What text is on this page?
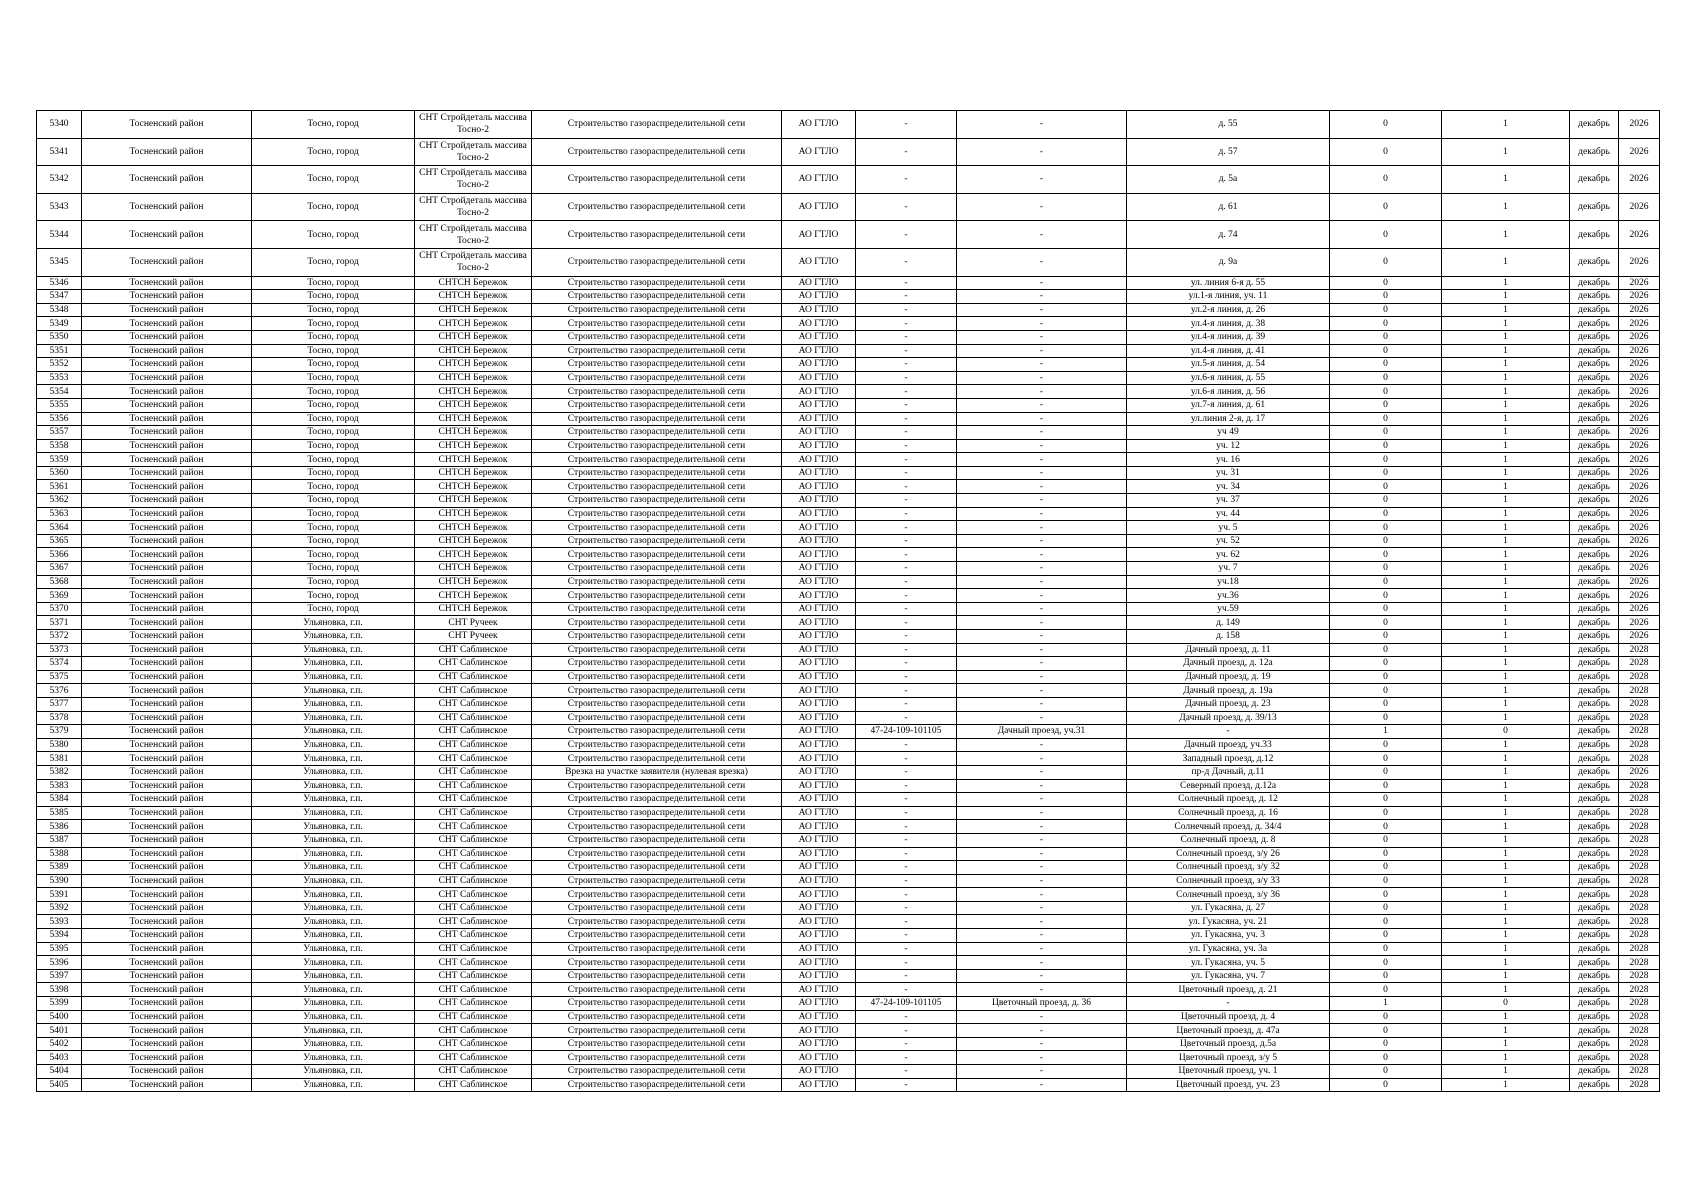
5340	Тосненский район	Тосно, город	СНТ Стройдеталь массива Тосно-2	Строительство газораспределительной сети	АО ГТЛО	-	-	д. 55	0	1	декабрь	2026
5341	Тосненский район	Тосно, город	СНТ Стройдеталь массива Тосно-2	Строительство газораспределительной сети	АО ГТЛО	-	-	д. 57	0	1	декабрь	2026
5342	Тосненский район	Тосно, город	СНТ Стройдеталь массива Тосно-2	Строительство газораспределительной сети	АО ГТЛО	-	-	д. 5а	0	1	декабрь	2026
5343	Тосненский район	Тосно, город	СНТ Стройдеталь массива Тосно-2	Строительство газораспределительной сети	АО ГТЛО	-	-	д. 61	0	1	декабрь	2026
5344	Тосненский район	Тосно, город	СНТ Стройдеталь массива Тосно-2	Строительство газораспределительной сети	АО ГТЛО	-	-	д. 74	0	1	декабрь	2026
5345	Тосненский район	Тосно, город	СНТ Стройдеталь массива Тосно-2	Строительство газораспределительной сети	АО ГТЛО	-	-	д. 9а	0	1	декабрь	2026
5346	Тосненский район	Тосно, город	СНТСН Бережок	Строительство газораспределительной сети	АО ГТЛО	-	-	ул. линия 6-я д. 55	0	1	декабрь	2026
5347	Тосненский район	Тосно, город	СНТСН Бережок	Строительство газораспределительной сети	АО ГТЛО	-	-	ул.1-я линия, уч. 11	0	1	декабрь	2026
5348	Тосненский район	Тосно, город	СНТСН Бережок	Строительство газораспределительной сети	АО ГТЛО	-	-	ул.2-я линия, д. 26	0	1	декабрь	2026
5349	Тосненский район	Тосно, город	СНТСН Бережок	Строительство газораспределительной сети	АО ГТЛО	-	-	ул.4-я линия, д. 38	0	1	декабрь	2026
5350	Тосненский район	Тосно, город	СНТСН Бережок	Строительство газораспределительной сети	АО ГТЛО	-	-	ул.4-я линия, д. 39	0	1	декабрь	2026
5351	Тосненский район	Тосно, город	СНТСН Бережок	Строительство газораспределительной сети	АО ГТЛО	-	-	ул.4-я линия, д. 41	0	1	декабрь	2026
5352	Тосненский район	Тосно, город	СНТСН Бережок	Строительство газораспределительной сети	АО ГТЛО	-	-	ул.5-я линия, д. 54	0	1	декабрь	2026
5353	Тосненский район	Тосно, город	СНТСН Бережок	Строительство газораспределительной сети	АО ГТЛО	-	-	ул.6-я линия, д. 55	0	1	декабрь	2026
5354	Тосненский район	Тосно, город	СНТСН Бережок	Строительство газораспределительной сети	АО ГТЛО	-	-	ул.6-я линия, д. 56	0	1	декабрь	2026
5355	Тосненский район	Тосно, город	СНТСН Бережок	Строительство газораспределительной сети	АО ГТЛО	-	-	ул.7-я линия, д. 61	0	1	декабрь	2026
5356	Тосненский район	Тосно, город	СНТСН Бережок	Строительство газораспределительной сети	АО ГТЛО	-	-	ул.линия 2-я, д. 17	0	1	декабрь	2026
5357	Тосненский район	Тосно, город	СНТСН Бережок	Строительство газораспределительной сети	АО ГТЛО	-	-	уч 49	0	1	декабрь	2026
5358	Тосненский район	Тосно, город	СНТСН Бережок	Строительство газораспределительной сети	АО ГТЛО	-	-	уч. 12	0	1	декабрь	2026
5359	Тосненский район	Тосно, город	СНТСН Бережок	Строительство газораспределительной сети	АО ГТЛО	-	-	уч. 16	0	1	декабрь	2026
5360	Тосненский район	Тосно, город	СНТСН Бережок	Строительство газораспределительной сети	АО ГТЛО	-	-	уч. 31	0	1	декабрь	2026
5361	Тосненский район	Тосно, город	СНТСН Бережок	Строительство газораспределительной сети	АО ГТЛО	-	-	уч. 34	0	1	декабрь	2026
5362	Тосненский район	Тосно, город	СНТСН Бережок	Строительство газораспределительной сети	АО ГТЛО	-	-	уч. 37	0	1	декабрь	2026
5363	Тосненский район	Тосно, город	СНТСН Бережок	Строительство газораспределительной сети	АО ГТЛО	-	-	уч. 44	0	1	декабрь	2026
5364	Тосненский район	Тосно, город	СНТСН Бережок	Строительство газораспределительной сети	АО ГТЛО	-	-	уч. 5	0	1	декабрь	2026
5365	Тосненский район	Тосно, город	СНТСН Бережок	Строительство газораспределительной сети	АО ГТЛО	-	-	уч. 52	0	1	декабрь	2026
5366	Тосненский район	Тосно, город	СНТСН Бережок	Строительство газораспределительной сети	АО ГТЛО	-	-	уч. 62	0	1	декабрь	2026
5367	Тосненский район	Тосно, город	СНТСН Бережок	Строительство газораспределительной сети	АО ГТЛО	-	-	уч. 7	0	1	декабрь	2026
5368	Тосненский район	Тосно, город	СНТСН Бережок	Строительство газораспределительной сети	АО ГТЛО	-	-	уч.18	0	1	декабрь	2026
5369	Тосненский район	Тосно, город	СНТСН Бережок	Строительство газораспределительной сети	АО ГТЛО	-	-	уч.36	0	1	декабрь	2026
5370	Тосненский район	Тосно, город	СНТСН Бережок	Строительство газораспределительной сети	АО ГТЛО	-	-	уч.59	0	1	декабрь	2026
5371	Тосненский район	Ульяновка, г.п.	СНТ Ручеек	Строительство газораспределительной сети	АО ГТЛО	-	-	д. 149	0	1	декабрь	2026
5372	Тосненский район	Ульяновка, г.п.	СНТ Ручеек	Строительство газораспределительной сети	АО ГТЛО	-	-	д. 158	0	1	декабрь	2026
5373	Тосненский район	Ульяновка, г.п.	СНТ Саблинское	Строительство газораспределительной сети	АО ГТЛО	-	-	Дачный проезд, д. 11	0	1	декабрь	2028
5374	Тосненский район	Ульяновка, г.п.	СНТ Саблинское	Строительство газораспределительной сети	АО ГТЛО	-	-	Дачный проезд, д. 12а	0	1	декабрь	2028
5375	Тосненский район	Ульяновка, г.п.	СНТ Саблинское	Строительство газораспределительной сети	АО ГТЛО	-	-	Дачный проезд, д. 19	0	1	декабрь	2028
5376	Тосненский район	Ульяновка, г.п.	СНТ Саблинское	Строительство газораспределительной сети	АО ГТЛО	-	-	Дачный проезд, д. 19а	0	1	декабрь	2028
5377	Тосненский район	Ульяновка, г.п.	СНТ Саблинское	Строительство газораспределительной сети	АО ГТЛО	-	-	Дачный проезд, д. 23	0	1	декабрь	2028
5378	Тосненский район	Ульяновка, г.п.	СНТ Саблинское	Строительство газораспределительной сети	АО ГТЛО	-	-	Дачный проезд, д. 39/13	0	1	декабрь	2028
5379	Тосненский район	Ульяновка, г.п.	СНТ Саблинское	Строительство газораспределительной сети	АО ГТЛО	47-24-109-101105	Дачный проезд, уч.31	-	1	0	декабрь	2028
5380	Тосненский район	Ульяновка, г.п.	СНТ Саблинское	Строительство газораспределительной сети	АО ГТЛО	-	-	Дачный проезд, уч.33	0	1	декабрь	2028
5381	Тосненский район	Ульяновка, г.п.	СНТ Саблинское	Строительство газораспределительной сети	АО ГТЛО	-	-	Западный проезд, д.12	0	1	декабрь	2028
5382	Тосненский район	Ульяновка, г.п.	СНТ Саблинское	Врезка на участке заявителя (нулевая врезка)	АО ГТЛО	-	-	пр-д Дачный, д.11	0	1	декабрь	2026
5383	Тосненский район	Ульяновка, г.п.	СНТ Саблинское	Строительство газораспределительной сети	АО ГТЛО	-	-	Северный проезд, д.12а	0	1	декабрь	2028
5384	Тосненский район	Ульяновка, г.п.	СНТ Саблинское	Строительство газораспределительной сети	АО ГТЛО	-	-	Солнечный проезд, д. 12	0	1	декабрь	2028
5385	Тосненский район	Ульяновка, г.п.	СНТ Саблинское	Строительство газораспределительной сети	АО ГТЛО	-	-	Солнечный проезд, д. 16	0	1	декабрь	2028
5386	Тосненский район	Ульяновка, г.п.	СНТ Саблинское	Строительство газораспределительной сети	АО ГТЛО	-	-	Солнечный проезд, д. 34/4	0	1	декабрь	2028
5387	Тосненский район	Ульяновка, г.п.	СНТ Саблинское	Строительство газораспределительной сети	АО ГТЛО	-	-	Солнечный проезд, д. 8	0	1	декабрь	2028
5388	Тосненский район	Ульяновка, г.п.	СНТ Саблинское	Строительство газораспределительной сети	АО ГТЛО	-	-	Солнечный проезд, з/у 26	0	1	декабрь	2028
5389	Тосненский район	Ульяновка, г.п.	СНТ Саблинское	Строительство газораспределительной сети	АО ГТЛО	-	-	Солнечный проезд, з/у 32	0	1	декабрь	2028
5390	Тосненский район	Ульяновка, г.п.	СНТ Саблинское	Строительство газораспределительной сети	АО ГТЛО	-	-	Солнечный проезд, з/у 33	0	1	декабрь	2028
5391	Тосненский район	Ульяновка, г.п.	СНТ Саблинское	Строительство газораспределительной сети	АО ГТЛО	-	-	Солнечный проезд, з/у 36	0	1	декабрь	2028
5392	Тосненский район	Ульяновка, г.п.	СНТ Саблинское	Строительство газораспределительной сети	АО ГТЛО	-	-	ул. Гукасяна, д. 27	0	1	декабрь	2028
5393	Тосненский район	Ульяновка, г.п.	СНТ Саблинское	Строительство газораспределительной сети	АО ГТЛО	-	-	ул. Гукасяна, уч. 21	0	1	декабрь	2028
5394	Тосненский район	Ульяновка, г.п.	СНТ Саблинское	Строительство газораспределительной сети	АО ГТЛО	-	-	ул. Гукасяна, уч. 3	0	1	декабрь	2028
5395	Тосненский район	Ульяновка, г.п.	СНТ Саблинское	Строительство газораспределительной сети	АО ГТЛО	-	-	ул. Гукасяна, уч. 3а	0	1	декабрь	2028
5396	Тосненский район	Ульяновка, г.п.	СНТ Саблинское	Строительство газораспределительной сети	АО ГТЛО	-	-	ул. Гукасяна, уч. 5	0	1	декабрь	2028
5397	Тосненский район	Ульяновка, г.п.	СНТ Саблинское	Строительство газораспределительной сети	АО ГТЛО	-	-	ул. Гукасяна, уч. 7	0	1	декабрь	2028
5398	Тосненский район	Ульяновка, г.п.	СНТ Саблинское	Строительство газораспределительной сети	АО ГТЛО	-	-	Цветочный проезд, д. 21	0	1	декабрь	2028
5399	Тосненский район	Ульяновка, г.п.	СНТ Саблинское	Строительство газораспределительной сети	АО ГТЛО	47-24-109-101105	Цветочный проезд, д. 36	-	1	0	декабрь	2028
5400	Тосненский район	Ульяновка, г.п.	СНТ Саблинское	Строительство газораспределительной сети	АО ГТЛО	-	-	Цветочный проезд, д. 4	0	1	декабрь	2028
5401	Тосненский район	Ульяновка, г.п.	СНТ Саблинское	Строительство газораспределительной сети	АО ГТЛО	-	-	Цветочный проезд, д. 47а	0	1	декабрь	2028
5402	Тосненский район	Ульяновка, г.п.	СНТ Саблинское	Строительство газораспределительной сети	АО ГТЛО	-	-	Цветочный проезд, д.5а	0	1	декабрь	2028
5403	Тосненский район	Ульяновка, г.п.	СНТ Саблинское	Строительство газораспределительной сети	АО ГТЛО	-	-	Цветочный проезд, з/у 5	0	1	декабрь	2028
5404	Тосненский район	Ульяновка, г.п.	СНТ Саблинское	Строительство газораспределительной сети	АО ГТЛО	-	-	Цветочный проезд, уч. 1	0	1	декабрь	2028
5405	Тосненский район	Ульяновка, г.п.	СНТ Саблинское	Строительство газораспределительной сети	АО ГТЛО	-	-	Цветочный проезд, уч. 23	0	1	декабрь	2028
